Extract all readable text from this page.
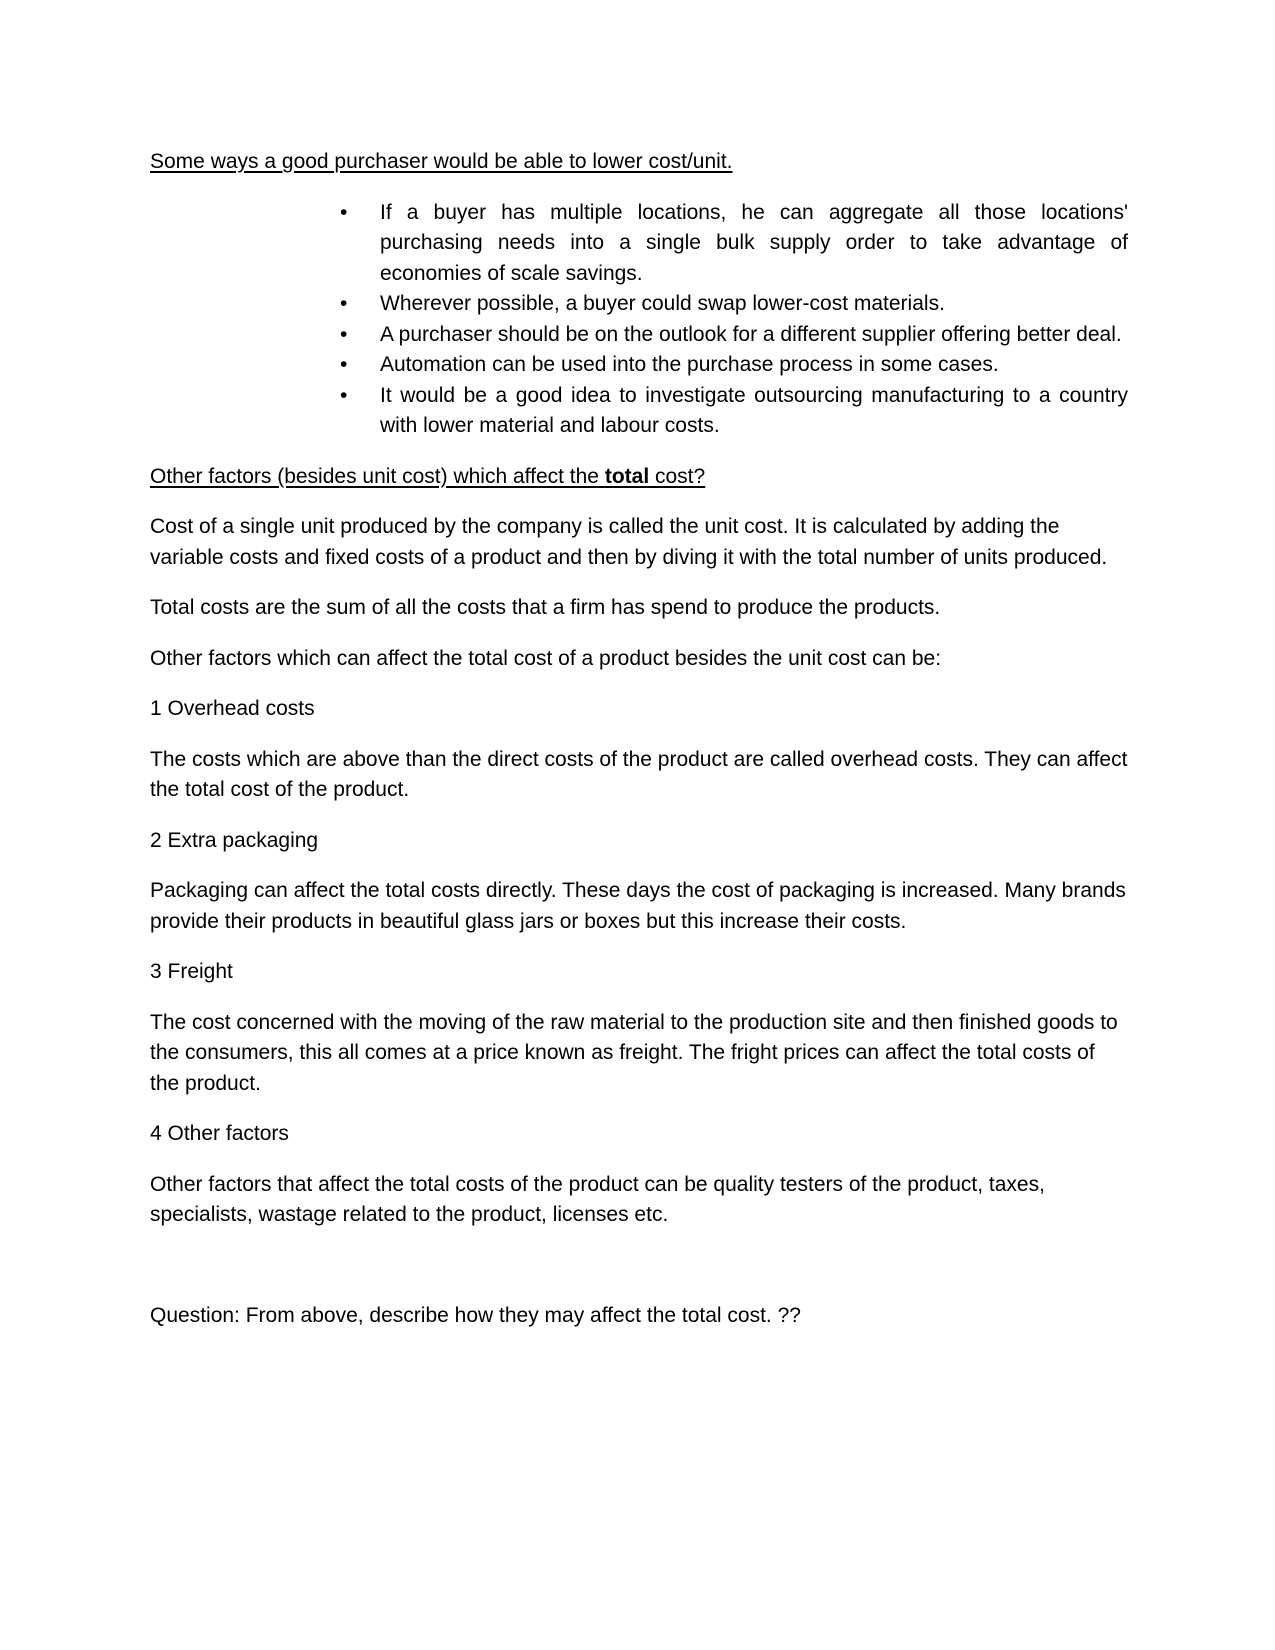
Some ways a good purchaser would be able to lower cost/unit.
•	If a buyer has multiple locations, he can aggregate all those locations' purchasing needs into a single bulk supply order to take advantage of economies of scale savings.
•	Wherever possible, a buyer could swap lower-cost materials.
•	A purchaser should be on the outlook for a different supplier offering better deal.
•	Automation can be used into the purchase process in some cases.
•	It would be a good idea to investigate outsourcing manufacturing to a country with lower material and labour costs.
Other factors (besides unit cost) which affect the total cost?

Cost of a single unit produced by the company is called the unit cost. It is calculated by adding the variable costs and fixed costs of a product and then by diving it with the total number of units produced.

Total costs are the sum of all the costs that a firm has spend to produce the products.

Other factors which can affect the total cost of a product besides the unit cost can be:

1 Overhead costs

The costs which are above than the direct costs of the product are called overhead costs. They can affect the total cost of the product.

2 Extra packaging

Packaging can affect the total costs directly. These days the cost of packaging is increased. Many brands provide their products in beautiful glass jars or boxes but this increase their costs.

3 Freight

The cost concerned with the moving of the raw material to the production site and then finished goods to the consumers, this all comes at a price known as freight. The fright prices can affect the total costs of the product.

4 Other factors

Other factors that affect the total costs of the product can be quality testers of the product, taxes, specialists, wastage related to the product, licenses etc.

Question: From above, describe how they may affect the total cost. ??
